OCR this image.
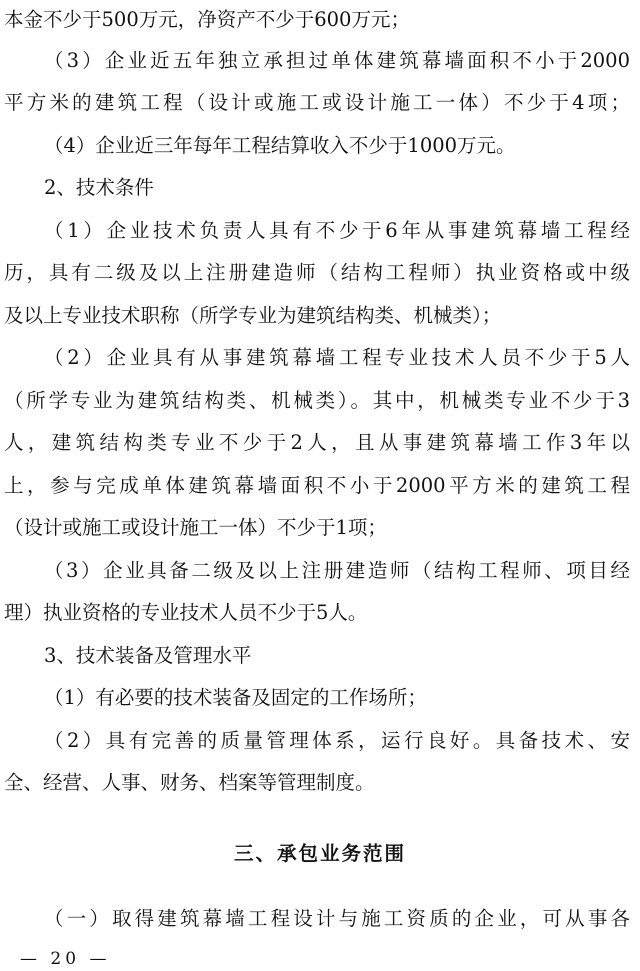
本金不少于500万元，净资产不少于600万元；
（3）企业近五年独立承担过单体建筑幕墙面积不小于2000
平方米的建筑工程（设计或施工或设计施工一体）不少于4项；
（4）企业近三年每年工程结算收入不少于1000万元。
2、技术条件
（1）企业技术负责人具有不少于6年从事建筑幕墙工程经
历，具有二级及以上注册建造师（结构工程师）执业资格或中级
及以上专业技术职称（所学专业为建筑结构类、机械类）；
（2）企业具有从事建筑幕墙工程专业技术人员不少于5人
（所学专业为建筑结构类、机械类）。其中，机械类专业不少于3
人，建筑结构类专业不少于2人，且从事建筑幕墙工作3年以
上，参与完成单体建筑幕墙面积不小于2000平方米的建筑工程
（设计或施工或设计施工一体）不少于1项；
（3）企业具备二级及以上注册建造师（结构工程师、项目经
理）执业资格的专业技术人员不少于5人。
3、技术装备及管理水平
（1）有必要的技术装备及固定的工作场所；
（2）具有完善的质量管理体系，运行良好。具备技术、安
全、经营、人事、财务、档案等管理制度。
三、承包业务范围
（一）取得建筑幕墙工程设计与施工资质的企业，可从事各
— 20 —
